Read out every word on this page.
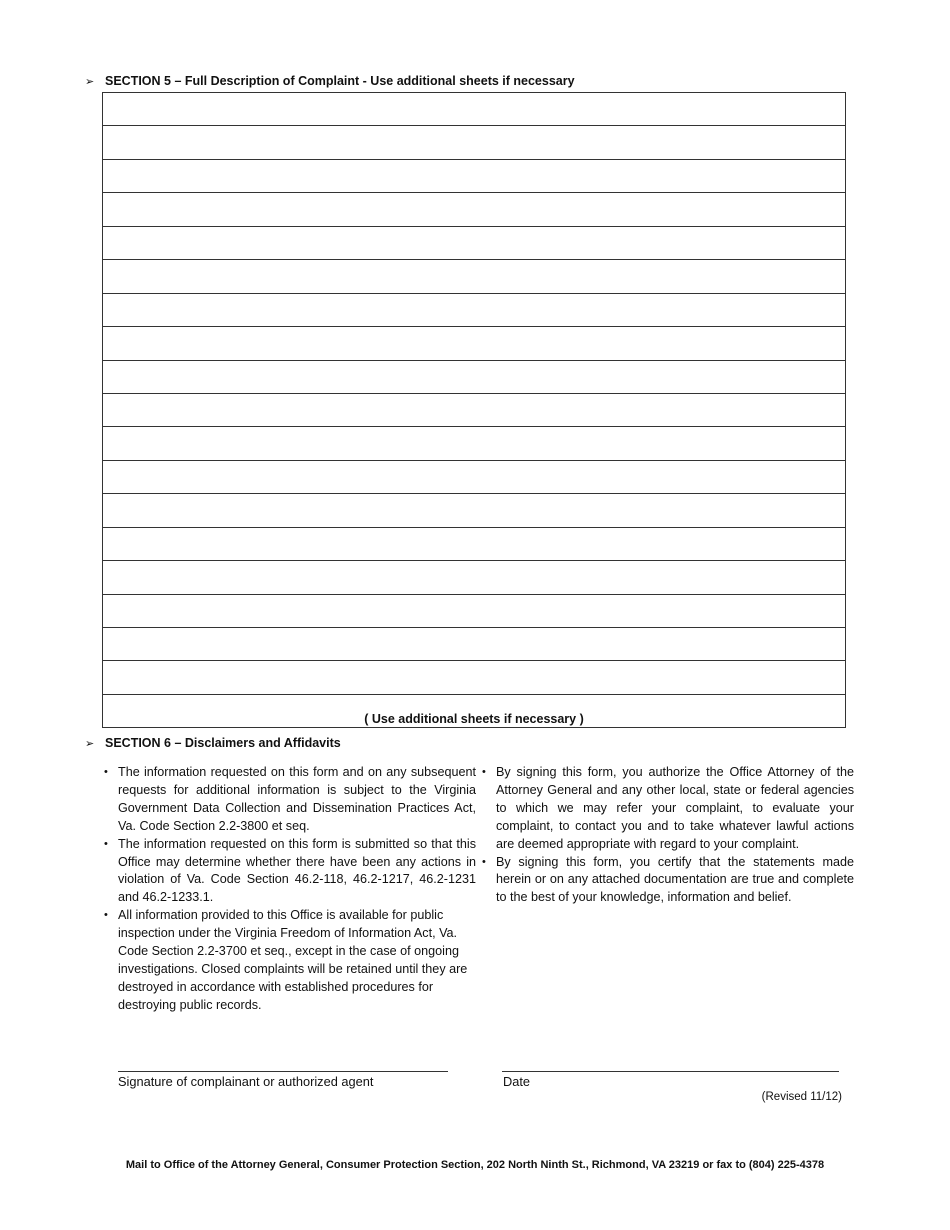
➢ SECTION 5 – Full Description of Complaint - Use additional sheets if necessary
( Use additional sheets if necessary )
➢ SECTION 6 – Disclaimers and Affidavits
• The information requested on this form and on any subsequent requests for additional information is subject to the Virginia Government Data Collection and Dissemination Practices Act, Va. Code Section 2.2-3800 et seq.
• The information requested on this form is submitted so that this Office may determine whether there have been any actions in violation of Va. Code Section 46.2-118, 46.2-1217, 46.2-1231 and 46.2-1233.1.
• All information provided to this Office is available for public inspection under the Virginia Freedom of Information Act, Va. Code Section 2.2-3700 et seq., except in the case of ongoing investigations. Closed complaints will be retained until they are destroyed in accordance with established procedures for destroying public records.
• By signing this form, you authorize the Office Attorney of the Attorney General and any other local, state or federal agencies to which we may refer your complaint, to evaluate your complaint, to contact you and to take whatever lawful actions are deemed appropriate with regard to your complaint.
• By signing this form, you certify that the statements made herein or on any attached documentation are true and complete to the best of your knowledge, information and belief.
Signature of complainant or authorized agent	Date
(Revised 11/12)
Mail to Office of the Attorney General, Consumer Protection Section, 202 North Ninth St., Richmond, VA 23219 or fax to (804) 225-4378
